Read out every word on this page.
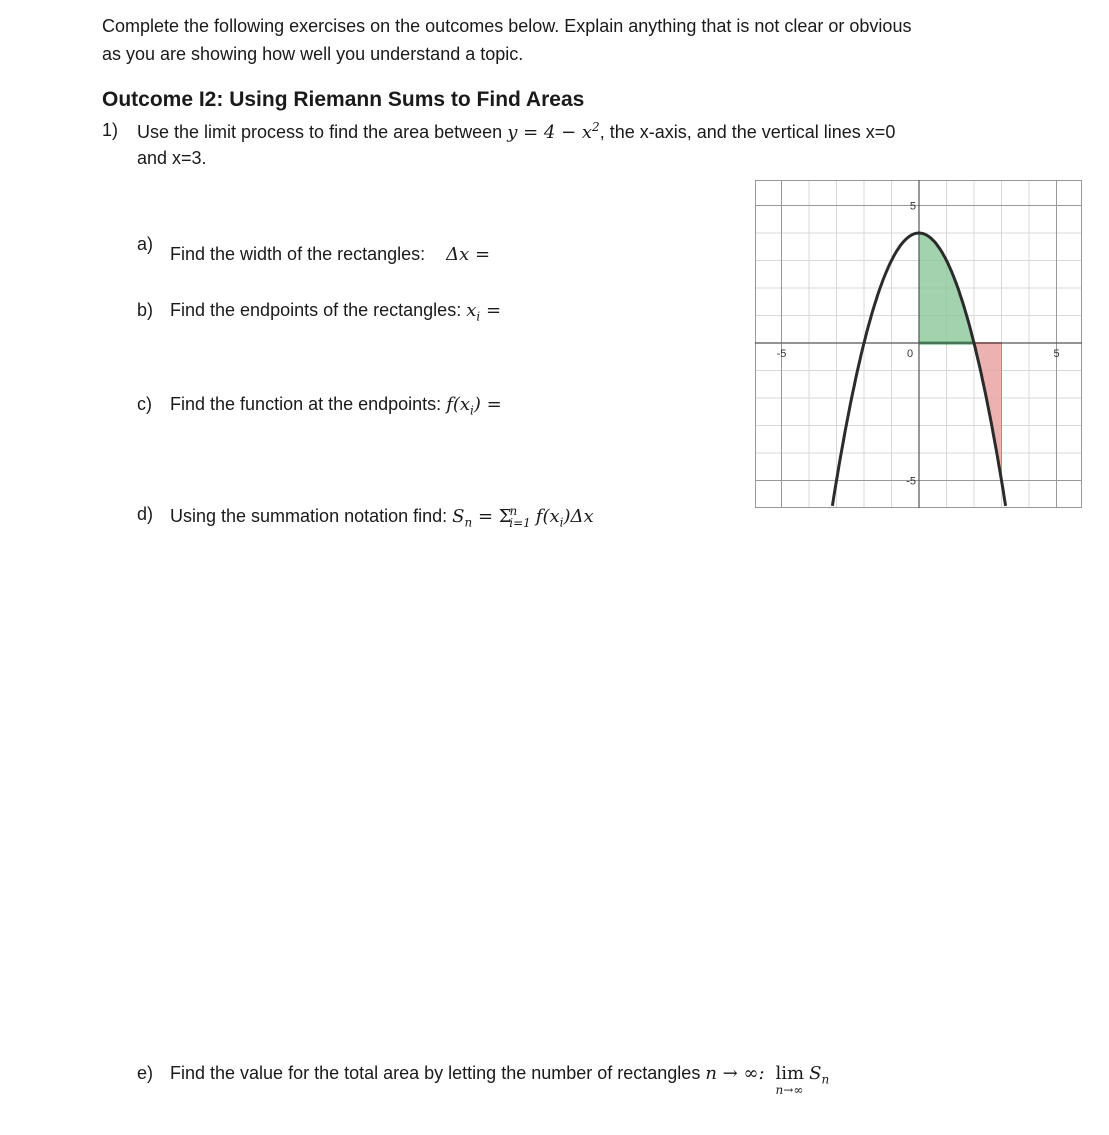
Complete the following exercises on the outcomes below. Explain anything that is not clear or obvious
as you are showing how well you understand a topic.
Outcome I2: Using Riemann Sums to Find Areas
1) Use the limit process to find the area between $y = 4 - x^2$, the x-axis, and the vertical lines x=0
and x=3.
a) Find the width of the rectangles: Δx =
b) Find the endpoints of the rectangles: $x_i$ =
c) Find the function at the endpoints: $f(x_i)$ =
d) Using the summation notation find: $S_n = \Sigma^n_{i=1}$ $f(x_i)\Delta x$
e) Find the value for the total area by letting the number of rectangles n → ∞: lim
n→∞
$S_n$
5
-5
-5	5
0
